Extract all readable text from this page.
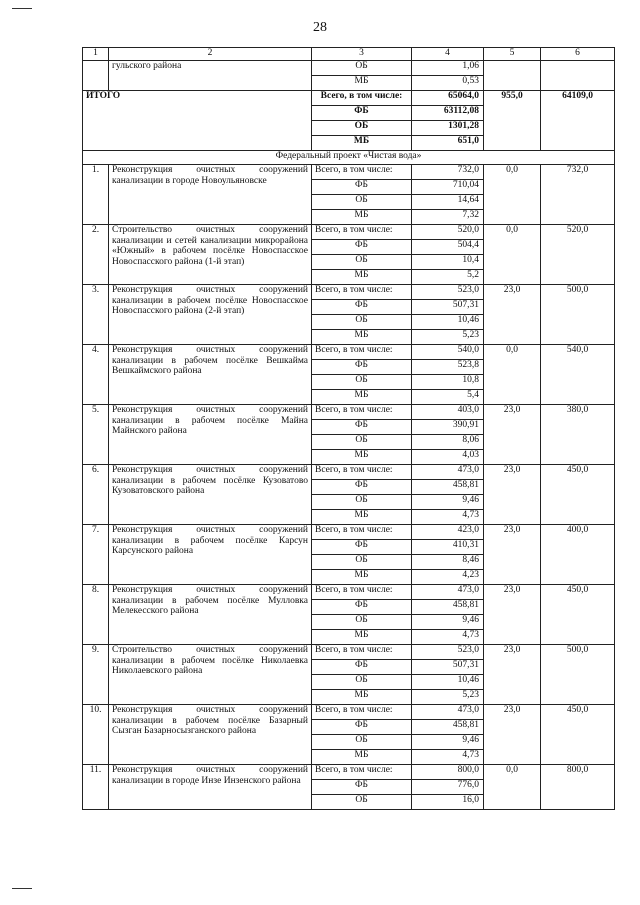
28
1	2	3	4	5	6
	гульского района	ОБ	1,06		
		МБ	0,53		
ИТОГО		Всего, в том числе:	65064,0	955,0	64109,0
		ФБ	63112,08		
		ОБ	1301,28		
		МБ	651,0		
Федеральный проект «Чистая вода»					
1.	Реконструкция очистных сооружений канализации в городе Новоульяновске	Всего, в том числе:	732,0	0,0	732,0
		ФБ	710,04		
		ОБ	14,64		
		МБ	7,32		
2.	Строительство очистных сооружений канализации и сетей канализации микрорайона «Южный» в рабочем посёлке Новоспасское Новоспасского района (1-й этап)	Всего, в том числе:	520,0	0,0	520,0
		ФБ	504,4		
		ОБ	10,4		
		МБ	5,2		
3.	Реконструкция очистных сооружений канализации в рабочем посёлке Новоспасское Новоспасского района (2-й этап)	Всего, в том числе:	523,0	23,0	500,0
		ФБ	507,31		
		ОБ	10,46		
		МБ	5,23		
4.	Реконструкция очистных сооружений канализации в рабочем посёлке Вешкайма Вешкаймского района	Всего, в том числе:	540,0	0,0	540,0
		ФБ	523,8		
		ОБ	10,8		
		МБ	5,4		
5.	Реконструкция очистных сооружений канализации в рабочем посёлке Майна Майнского района	Всего, в том числе:	403,0	23,0	380,0
		ФБ	390,91		
		ОБ	8,06		
		МБ	4,03		
6.	Реконструкция очистных сооружений канализации в рабочем посёлке Кузоватово Кузоватовского района	Всего, в том числе:	473,0	23,0	450,0
		ФБ	458,81		
		ОБ	9,46		
		МБ	4,73		
7.	Реконструкция очистных сооружений канализации в рабочем посёлке Карсун Карсунского района	Всего, в том числе:	423,0	23,0	400,0
		ФБ	410,31		
		ОБ	8,46		
		МБ	4,23		
8.	Реконструкция очистных сооружений канализации в рабочем посёлке Мулловка Мелекесского района	Всего, в том числе:	473,0	23,0	450,0
		ФБ	458,81		
		ОБ	9,46		
		МБ	4,73		
9.	Строительство очистных сооружений канализации в рабочем посёлке Николаевка Николаевского района	Всего, в том числе:	523,0	23,0	500,0
		ФБ	507,31		
		ОБ	10,46		
		МБ	5,23		
10.	Реконструкция очистных сооружений канализации в рабочем посёлке Базарный Сызган Базарносызганского района	Всего, в том числе:	473,0	23,0	450,0
		ФБ	458,81		
		ОБ	9,46		
		МБ	4,73		
11.	Реконструкция очистных сооружений канализации в городе Инзе Инзенского района	Всего, в том числе:	800,0	0,0	800,0
		ФБ	776,0		
		ОБ	16,0		
